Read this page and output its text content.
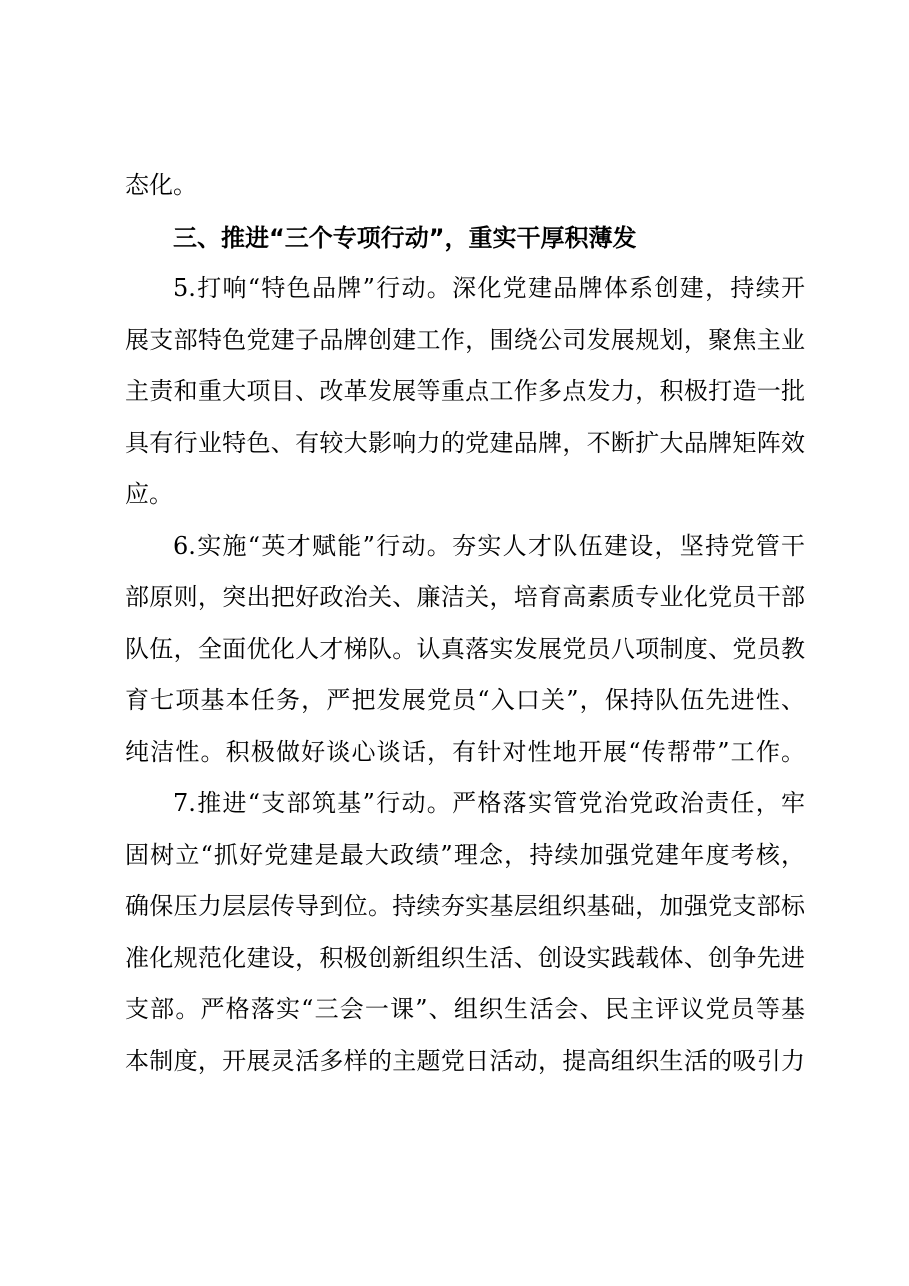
态化。
三、推进“三个专项行动”，重实干厚积薄发
5.打响“特色品牌”行动。深化党建品牌体系创建，持续开
展支部特色党建子品牌创建工作，围绕公司发展规划，聚焦主业
主责和重大项目、改革发展等重点工作多点发力，积极打造一批
具有行业特色、有较大影响力的党建品牌，不断扩大品牌矩阵效
应。
6.实施“英才赋能”行动。夯实人才队伍建设，坚持党管干
部原则，突出把好政治关、廉洁关，培育高素质专业化党员干部
队伍，全面优化人才梯队。认真落实发展党员八项制度、党员教
育七项基本任务，严把发展党员“入口关”，保持队伍先进性、
纯洁性。积极做好谈心谈话，有针对性地开展“传帮带”工作。
7.推进“支部筑基”行动。严格落实管党治党政治责任，牢
固树立“抓好党建是最大政绩”理念，持续加强党建年度考核，
确保压力层层传导到位。持续夯实基层组织基础，加强党支部标
准化规范化建设，积极创新组织生活、创设实践载体、创争先进
支部。严格落实“三会一课”、组织生活会、民主评议党员等基
本制度，开展灵活多样的主题党日活动，提高组织生活的吸引力
